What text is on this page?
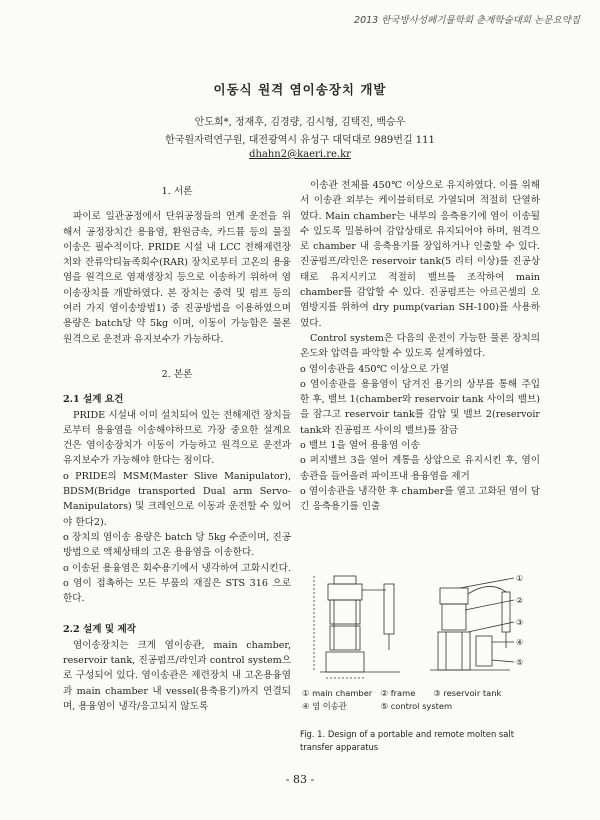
2013 한국방사성폐기물학회 춘계학술대회 논문요약집
이동식 원격 염이송장치 개발
안도희*, 정재후, 김경량, 김시형, 김택진, 백승우
한국원자력연구원, 대전광역시 유성구 대덕대로 989번길 111
dhahn2@kaeri.re.kr

1. 서론

파이로 일관공정에서 단위공정들의 연계 운전을 위해서 공정장치간 용융염, 환원금속, 카드뮴 등의 물질이송은 필수적이다. PRIDE 시설 내 LCC 전해제련장치와 잔류악티늄족회수(RAR) 장치로부터 고온의 용융염을 원격으로 염재생장치 등으로 이송하기 위하여 염이송장치를 개발하였다. 본 장치는 중력 및 펌프 등의 여러 가지 염이송방법1) 중 진공방법을 이용하였으며 용량은 batch당 약 5kg 이며, 이동이 가능함은 물론 원격으로 운전과 유지보수가 가능하다.

2. 본론

2.1 설계 요건

PRIDE 시설내 이미 설치되어 있는 전해제련 장치들로부터 용융염을 이송해야하므로 가장 중요한 설계요건은 염이송장치가 이동이 가능하고 원격으로 운전과 유지보수가 가능해야 한다는 점이다.

o PRIDE의 MSM(Master Slive Manipulator), BDSM(Bridge transported Dual arm Servo-Manipulators) 및 크레인으로 이동과 운전할 수 있어야 한다2).

o 장치의 염이송 용량은 batch 당 5kg 수준이며, 진공방법으로 액체상태의 고온 용융염을 이송한다.

o 이송된 용융염은 회수용기에서 냉각하여 고화시킨다.

o 염이 접촉하는 모든 부품의 재질은 STS 316 으로 한다.

2.2 설계 및 제작

염이송장치는 크게 염이송관, main chamber, reservoir tank, 진공펌프/라인과 control system으로 구성되어 있다. 염이송관은 제련장치 내 고온용융염과 main chamber 내 vessel(용축용기)까지 연결되며, 용융염이 냉각/응고되지 않도록

이송관 전체를 450℃ 이상으로 유지하였다. 이를 위해서 이송관 외부는 케이블히터로 가열되며 적절히 단열하였다. Main chamber는 내부의 응축용기에 염이 이송될 수 있도록 밀봉하여 감압상태로 유지되어야 하며, 원격으로 chamber 내 응축용기를 장입하거나 인출할 수 있다. 진공펌프/라인은 reservoir tank(5 리터 이상)를 진공상태로 유지시키고 적절히 밸브를 조작하여 main chamber를 감압할 수 있다. 진공펌프는 아르곤셀의 오염방지를 위하여 dry pump(varian SH-100)를 사용하였다.

Control system은 다음의 운전이 가능한 물론 장치의 온도와 압력을 파악할 수 있도록 설계하였다.

o 염이송관을 450℃ 이상으로 가열

o 염이송관을 용융염이 담겨진 용기의 상부를 통해 주입한 후, 밸브 1(chamber와 reservoir tank 사이의 밸브)을 잠그고 reservoir tank를 감압 및 밸브 2(reservoir tank와 진공펌프 사이의 밸브)를 잠금

o 밸브 1을 열어 용융염 이송

o 퍼지밸브 3을 열어 계통을 상압으로 유지시킨 후, 염이송관을 들어올려 파이프내 용융염을 제거

o 염이송관을 냉각한 후 chamber를 열고 고화된 염이 담긴 응축용기를 인출

①
②
③
④
⑤
① main chamber ② frame ③ reservoir tank
④ 염 이송관	⑤ control system
Fig. 1. Design of a portable and remote molten salt transfer apparatus
- 83 -
